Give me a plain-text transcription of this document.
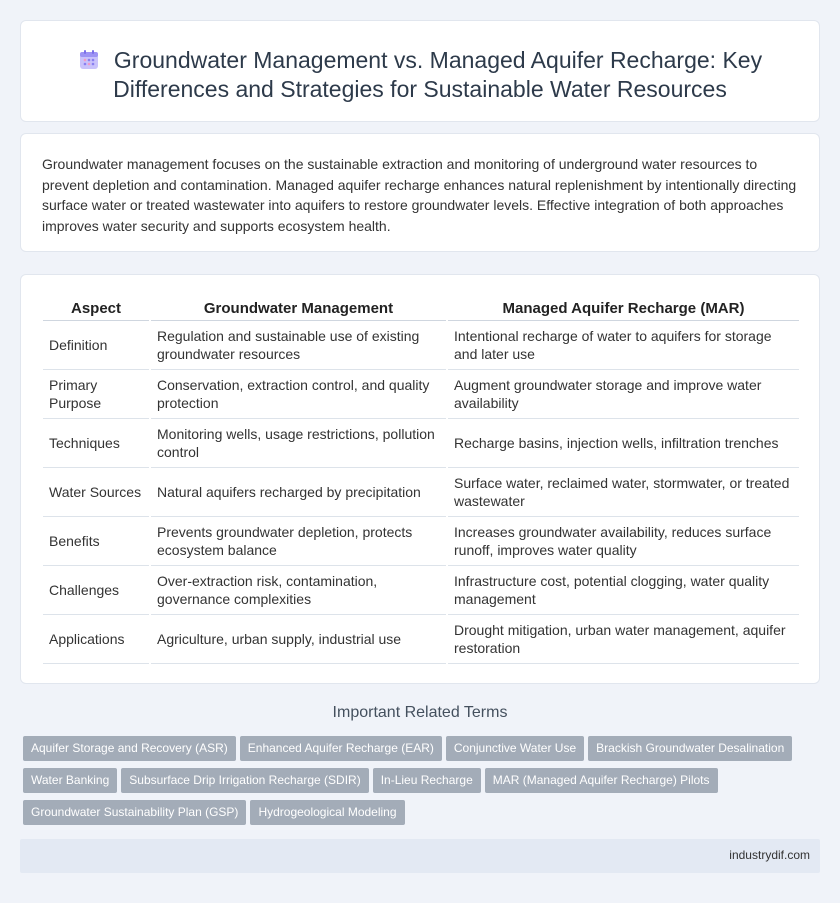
Groundwater Management vs. Managed Aquifer Recharge: Key Differences and Strategies for Sustainable Water Resources

Groundwater management focuses on the sustainable extraction and monitoring of underground water resources to prevent depletion and contamination. Managed aquifer recharge enhances natural replenishment by intentionally directing surface water or treated wastewater into aquifers to restore groundwater levels. Effective integration of both approaches improves water security and supports ecosystem health.

Aspect	Groundwater Management	Managed Aquifer Recharge (MAR)
Definition	Regulation and sustainable use of existing groundwater resources	Intentional recharge of water to aquifers for storage and later use
Primary Purpose	Conservation, extraction control, and quality protection	Augment groundwater storage and improve water availability
Techniques	Monitoring wells, usage restrictions, pollution control	Recharge basins, injection wells, infiltration trenches
Water Sources	Natural aquifers recharged by precipitation	Surface water, reclaimed water, stormwater, or treated wastewater
Benefits	Prevents groundwater depletion, protects ecosystem balance	Increases groundwater availability, reduces surface runoff, improves water quality
Challenges	Over-extraction risk, contamination, governance complexities	Infrastructure cost, potential clogging, water quality management
Applications	Agriculture, urban supply, industrial use	Drought mitigation, urban water management, aquifer restoration
Important Related Terms
Aquifer Storage and Recovery (ASR) Enhanced Aquifer Recharge (EAR) Conjunctive Water Use Brackish Groundwater DesalinationWater Banking Subsurface Drip Irrigation Recharge (SDIR) In-Lieu Recharge MAR (Managed Aquifer Recharge) PilotsGroundwater Sustainability Plan (GSP) Hydrogeological Modeling
industrydif.com
